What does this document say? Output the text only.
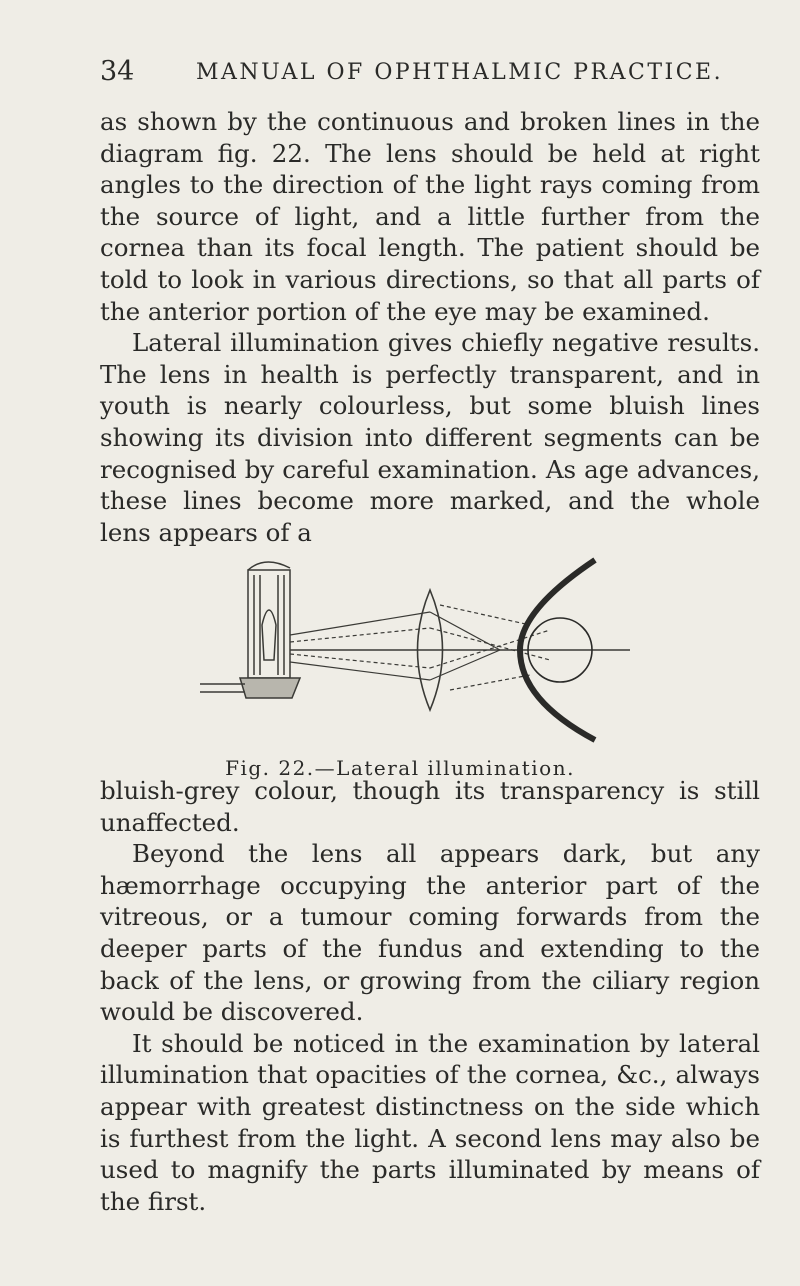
34	MANUAL OF OPHTHALMIC PRACTICE.

as shown by the continuous and broken lines in the diagram fig. 22. The lens should be held at right angles to the direction of the light rays coming from the source of light, and a little further from the cornea than its focal length. The patient should be told to look in various directions, so that all parts of the anterior portion of the eye may be examined.

Lateral illumination gives chiefly negative results. The lens in health is perfectly transparent, and in youth is nearly colourless, but some bluish lines showing its division into different segments can be recognised by careful examination. As age advances, these lines become more marked, and the whole lens appears of a

Fig. 22.—Lateral illumination.

bluish-grey colour, though its transparency is still unaffected.

Beyond the lens all appears dark, but any hæmorrhage occupying the anterior part of the vitreous, or a tumour coming forwards from the deeper parts of the fundus and extending to the back of the lens, or growing from the ciliary region would be discovered.

It should be noticed in the examination by lateral illumination that opacities of the cornea, &c., always appear with greatest distinctness on the side which is furthest from the light. A second lens may also be used to magnify the parts illuminated by means of the first.
